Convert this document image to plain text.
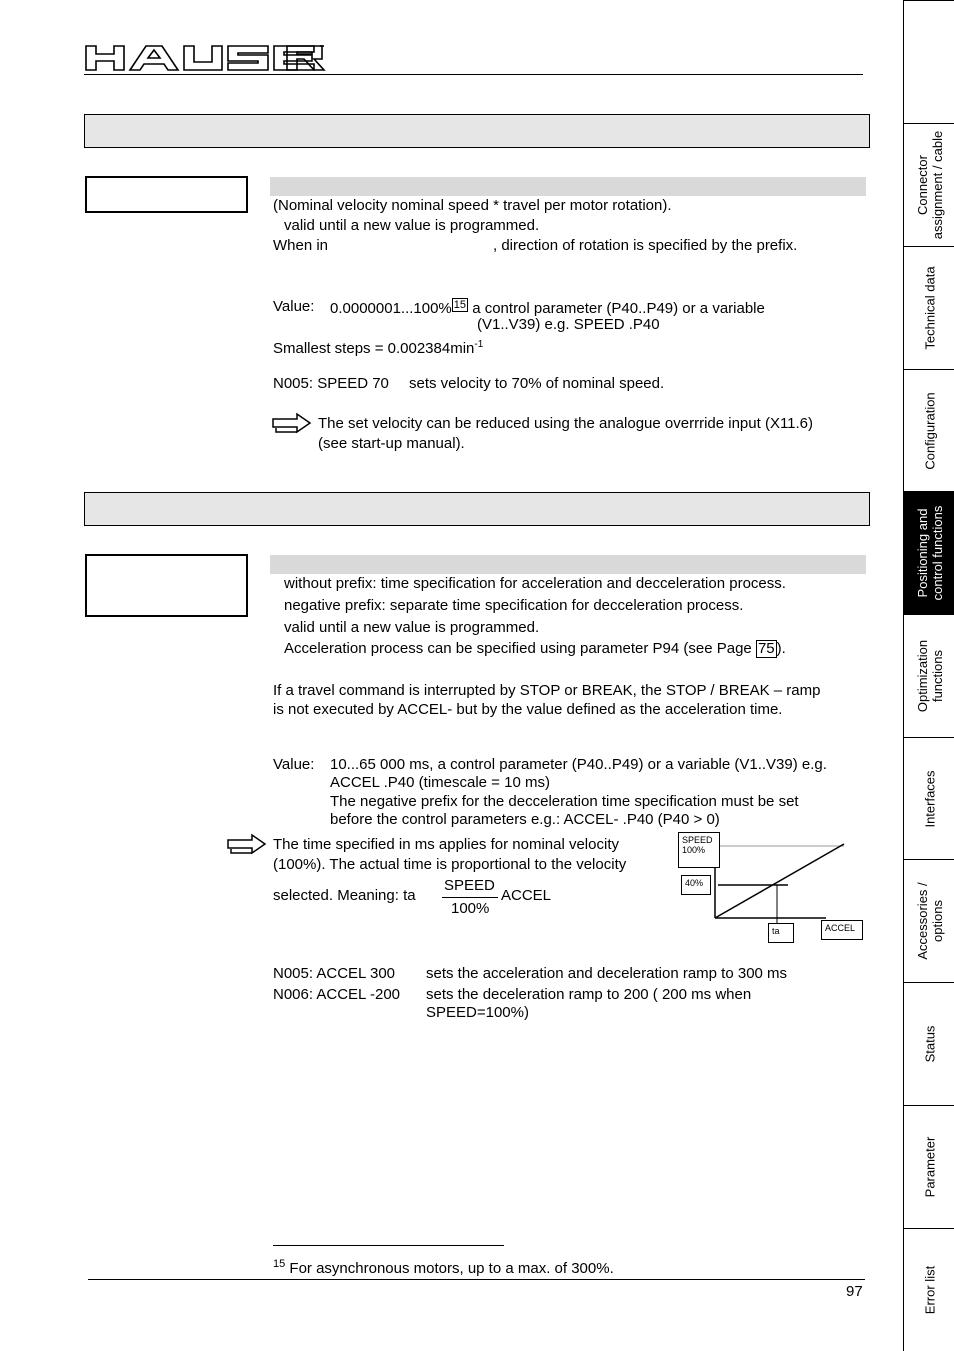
(Nominal velocity nominal speed * travel per motor rotation).
valid until a new value is programmed.
When in	, direction of rotation is specified by the prefix.
Value: 0.0000001...100% 15 a control parameter (P40..P49) or a variable
(V1..V39) e.g. SPEED .P40
Smallest steps = $0.002384\min^{-1}$
N005: SPEED 70 sets velocity to 70% of nominal speed.
The set velocity can be reduced using the analogue overrride input (X11.6)
(see start-up manual).
without prefix: time specification for acceleration and decceleration process.
negative prefix: separate time specification for decceleration process.
valid until a new value is programmed.
Acceleration process can be specified using parameter P94 (see Page 75 ).
If a travel command is interrupted by STOP or BREAK, the STOP / BREAK – ramp
is not executed by ACCEL- but by the value defined as the acceleration time.
Value: 10...65 000 ms, a control parameter (P40..P49) or a variable (V1..V39) e.g.
ACCEL .P40 (timescale = 10 ms)
The negative prefix for the decceleration time specification must be set
before the control parameters e.g.: ACCEL- .P40 (P40 > 0)
The time specified in ms applies for nominal velocity
(100%). The actual time is proportional to the velocity
selected. Meaning: ta
SPEED
100%
ACCEL
SPEED
100%
40%
ta	ACCEL
N005: ACCEL 300 sets the acceleration and deceleration ramp to 300 ms
N006: ACCEL -200 sets the deceleration ramp to 200 ( 200 ms when
SPEED=100%)
$^{15}$ For asynchronous motors, up to a max. of 300%.
97
Connector
assignment / cable
Technical data
Configuration
Positioning and
control functions
Optimization
functions
Interfaces
Accessories /
options
Status
Parameter
Error list
